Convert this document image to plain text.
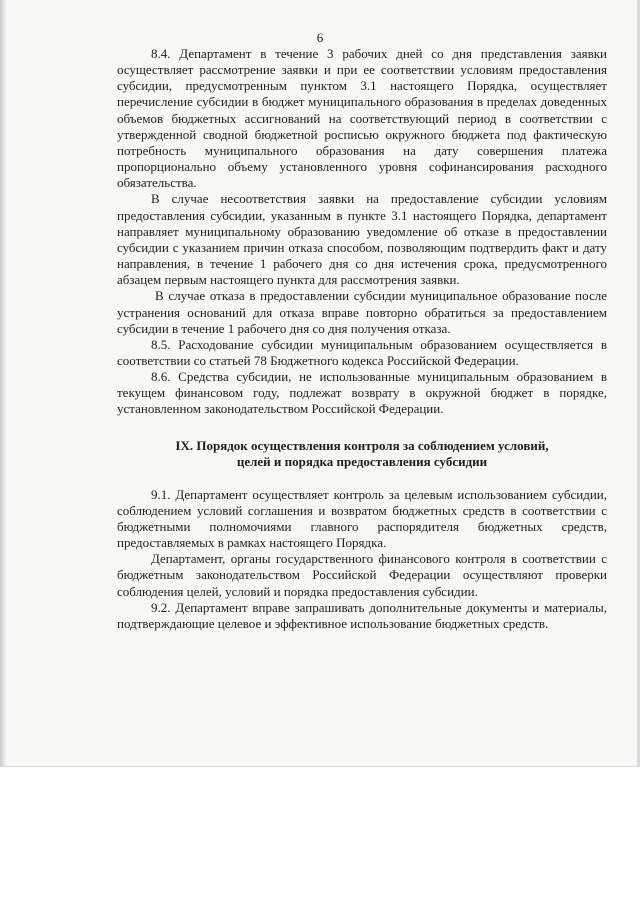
6

8.4. Департамент в течение 3 рабочих дней со дня представления заявки осуществляет рассмотрение заявки и при ее соответствии условиям предоставления субсидии, предусмотренным пунктом 3.1 настоящего Порядка, осуществляет перечисление субсидии в бюджет муниципального образования в пределах доведенных объемов бюджетных ассигнований на соответствующий период в соответствии с утвержденной сводной бюджетной росписью окружного бюджета под фактическую потребность муниципального образования на дату совершения платежа пропорционально объему установленного уровня софинансирования расходного обязательства.

В случае несоответствия заявки на предоставление субсидии условиям предоставления субсидии, указанным в пункте 3.1 настоящего Порядка, департамент направляет муниципальному образованию уведомление об отказе в предоставлении субсидии с указанием причин отказа способом, позволяющим подтвердить факт и дату направления, в течение 1 рабочего дня со дня истечения срока, предусмотренного абзацем первым настоящего пункта для рассмотрения заявки.

В случае отказа в предоставлении субсидии муниципальное образование после устранения оснований для отказа вправе повторно обратиться за предоставлением субсидии в течение 1 рабочего дня со дня получения отказа.

8.5. Расходование субсидии муниципальным образованием осуществляется в соответствии со статьей 78 Бюджетного кодекса Российской Федерации.

8.6. Средства субсидии, не использованные муниципальным образованием в текущем финансовом году, подлежат возврату в окружной бюджет в порядке, установленном законодательством Российской Федерации.

IX. Порядок осуществления контроля за соблюдением условий,
целей и порядка предоставления субсидии

9.1. Департамент осуществляет контроль за целевым использованием субсидии, соблюдением условий соглашения и возвратом бюджетных средств в соответствии с бюджетными полномочиями главного распорядителя бюджетных средств, предоставляемых в рамках настоящего Порядка.

Департамент, органы государственного финансового контроля в соответствии с бюджетным законодательством Российской Федерации осуществляют проверки соблюдения целей, условий и порядка предоставления субсидии.

9.2. Департамент вправе запрашивать дополнительные документы и материалы, подтверждающие целевое и эффективное использование бюджетных средств.
